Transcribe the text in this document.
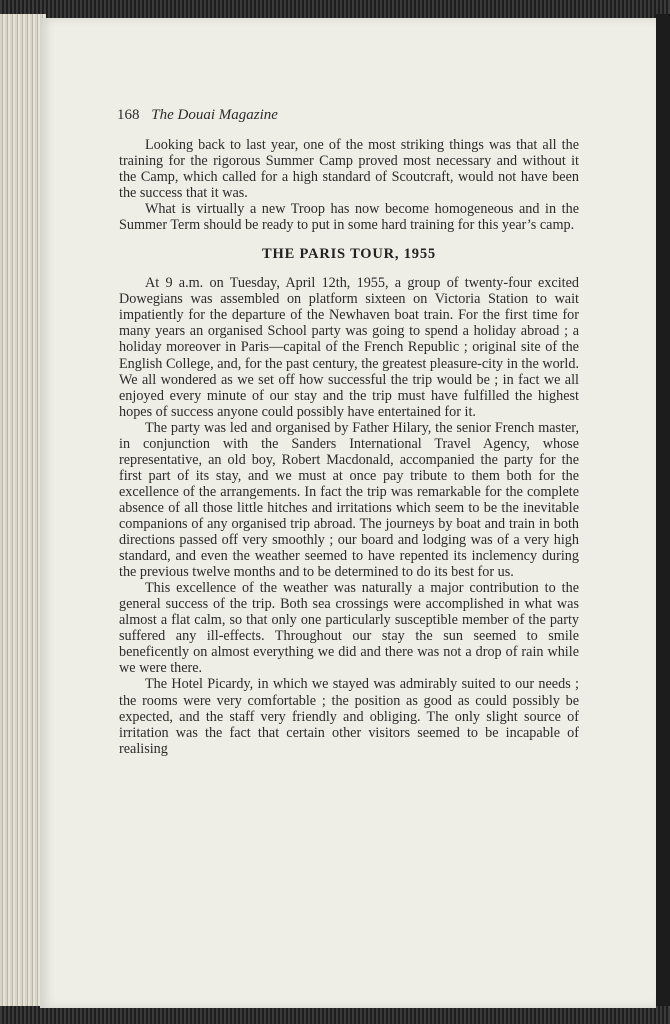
168 The Douai Magazine

Looking back to last year, one of the most striking things was that all the training for the rigorous Summer Camp proved most necessary and without it the Camp, which called for a high standard of Scoutcraft, would not have been the success that it was.

What is virtually a new Troop has now become homogeneous and in the Summer Term should be ready to put in some hard training for this year’s camp.

THE PARIS TOUR, 1955

At 9 a.m. on Tuesday, April 12th, 1955, a group of twenty-four excited Dowegians was assembled on platform sixteen on Victoria Station to wait impatiently for the departure of the Newhaven boat train. For the first time for many years an organised School party was going to spend a holiday abroad ; a holiday moreover in Paris—capital of the French Republic ; original site of the English College, and, for the past century, the greatest pleasure-city in the world. We all wondered as we set off how successful the trip would be ; in fact we all enjoyed every minute of our stay and the trip must have fulfilled the highest hopes of success anyone could possibly have entertained for it.

The party was led and organised by Father Hilary, the senior French master, in conjunction with the Sanders International Travel Agency, whose representative, an old boy, Robert Macdonald, accompanied the party for the first part of its stay, and we must at once pay tribute to them both for the excellence of the arrangements. In fact the trip was remarkable for the complete absence of all those little hitches and irritations which seem to be the inevitable companions of any organised trip abroad. The journeys by boat and train in both directions passed off very smoothly ; our board and lodging was of a very high standard, and even the weather seemed to have repented its inclemency during the previous twelve months and to be determined to do its best for us.

This excellence of the weather was naturally a major contribution to the general success of the trip. Both sea crossings were accomplished in what was almost a flat calm, so that only one particularly susceptible member of the party suffered any ill-effects. Throughout our stay the sun seemed to smile beneficently on almost everything we did and there was not a drop of rain while we were there.

The Hotel Picardy, in which we stayed was admirably suited to our needs ; the rooms were very comfortable ; the position as good as could possibly be expected, and the staff very friendly and obliging. The only slight source of irritation was the fact that certain other visitors seemed to be incapable of realising
